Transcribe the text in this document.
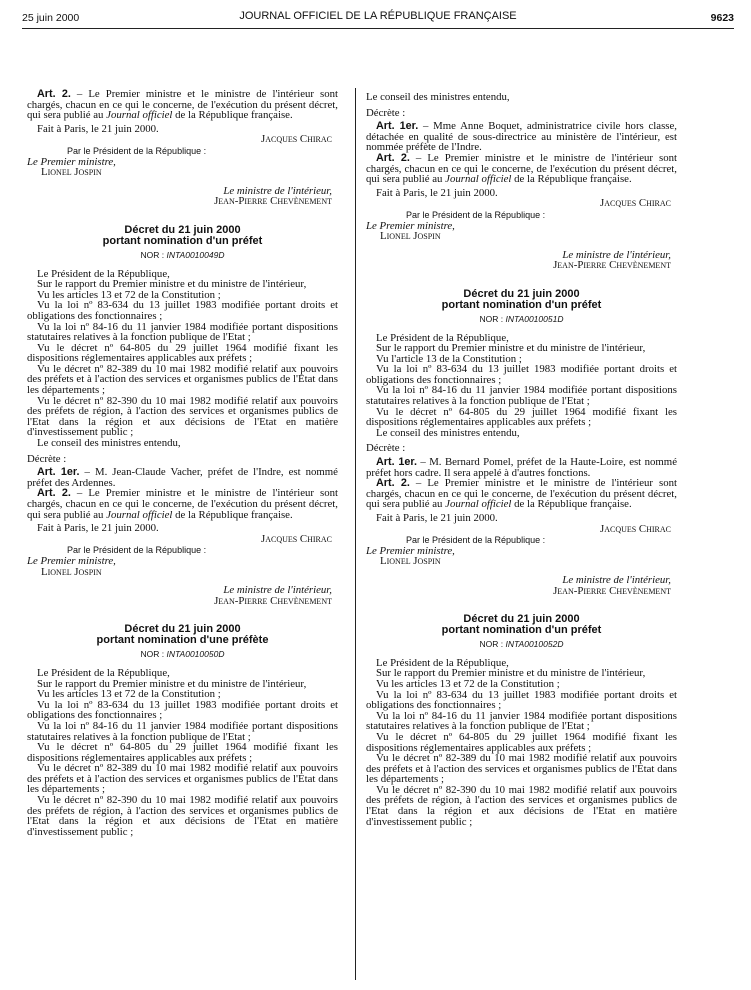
25 juin 2000	JOURNAL OFFICIEL DE LA RÉPUBLIQUE FRANÇAISE	9623

Art. 2. – Le Premier ministre et le ministre de l'intérieur sont chargés, chacun en ce qui le concerne, de l'exécution du présent décret, qui sera publié au Journal officiel de la République française.

Fait à Paris, le 21 juin 2000.

Jacques Chirac

Par le Président de la République :

Le Premier ministre,

Lionel Jospin

Le ministre de l'intérieur,

Jean-Pierre Chevènement

Décret du 21 juin 2000
portant nomination d'un préfet
NOR : INTA0010049D

Le Président de la République,

Sur le rapport du Premier ministre et du ministre de l'intérieur,

Vu les articles 13 et 72 de la Constitution ;

Vu la loi nº 83-634 du 13 juillet 1983 modifiée portant droits et obligations des fonctionnaires ;

Vu la loi nº 84-16 du 11 janvier 1984 modifiée portant dispositions statutaires relatives à la fonction publique de l'Etat ;

Vu le décret nº 64-805 du 29 juillet 1964 modifié fixant les dispositions réglementaires applicables aux préfets ;

Vu le décret nº 82-389 du 10 mai 1982 modifié relatif aux pouvoirs des préfets et à l'action des services et organismes publics de l'Etat dans les départements ;

Vu le décret nº 82-390 du 10 mai 1982 modifié relatif aux pouvoirs des préfets de région, à l'action des services et organismes publics de l'Etat dans la région et aux décisions de l'Etat en matière d'investissement public ;

Le conseil des ministres entendu,

Décrète :

Art. 1er. – M. Jean-Claude Vacher, préfet de l'Indre, est nommé préfet des Ardennes.

Art. 2. – Le Premier ministre et le ministre de l'intérieur sont chargés, chacun en ce qui le concerne, de l'exécution du présent décret, qui sera publié au Journal officiel de la République française.

Fait à Paris, le 21 juin 2000.

Jacques Chirac

Par le Président de la République :

Le Premier ministre,

Lionel Jospin

Le ministre de l'intérieur,

Jean-Pierre Chevènement

Décret du 21 juin 2000
portant nomination d'une préfète
NOR : INTA0010050D

Le Président de la République,

Sur le rapport du Premier ministre et du ministre de l'intérieur,

Vu les articles 13 et 72 de la Constitution ;

Vu la loi nº 83-634 du 13 juillet 1983 modifiée portant droits et obligations des fonctionnaires ;

Vu la loi nº 84-16 du 11 janvier 1984 modifiée portant dispositions statutaires relatives à la fonction publique de l'Etat ;

Vu le décret nº 64-805 du 29 juillet 1964 modifié fixant les dispositions réglementaires applicables aux préfets ;

Vu le décret nº 82-389 du 10 mai 1982 modifié relatif aux pouvoirs des préfets et à l'action des services et organismes publics de l'Etat dans les départements ;

Vu le décret nº 82-390 du 10 mai 1982 modifié relatif aux pouvoirs des préfets de région, à l'action des services et organismes publics de l'Etat dans la région et aux décisions de l'Etat en matière d'investissement public ;

Le conseil des ministres entendu,

Décrète :

Art. 1er. – Mme Anne Boquet, administratrice civile hors classe, détachée en qualité de sous-directrice au ministère de l'intérieur, est nommée préfète de l'Indre.

Art. 2. – Le Premier ministre et le ministre de l'intérieur sont chargés, chacun en ce qui le concerne, de l'exécution du présent décret, qui sera publié au Journal officiel de la République française.

Fait à Paris, le 21 juin 2000.

Jacques Chirac

Par le Président de la République :

Le Premier ministre,

Lionel Jospin

Le ministre de l'intérieur,

Jean-Pierre Chevènement

Décret du 21 juin 2000
portant nomination d'un préfet
NOR : INTA0010051D

Le Président de la République,

Sur le rapport du Premier ministre et du ministre de l'intérieur,

Vu l'article 13 de la Constitution ;

Vu la loi nº 83-634 du 13 juillet 1983 modifiée portant droits et obligations des fonctionnaires ;

Vu la loi nº 84-16 du 11 janvier 1984 modifiée portant dispositions statutaires relatives à la fonction publique de l'Etat ;

Vu le décret nº 64-805 du 29 juillet 1964 modifié fixant les dispositions réglementaires applicables aux préfets ;

Le conseil des ministres entendu,

Décrète :

Art. 1er. – M. Bernard Pomel, préfet de la Haute-Loire, est nommé préfet hors cadre. Il sera appelé à d'autres fonctions.

Art. 2. – Le Premier ministre et le ministre de l'intérieur sont chargés, chacun en ce qui le concerne, de l'exécution du présent décret, qui sera publié au Journal officiel de la République française.

Fait à Paris, le 21 juin 2000.

Jacques Chirac

Par le Président de la République :

Le Premier ministre,

Lionel Jospin

Le ministre de l'intérieur,

Jean-Pierre Chevènement

Décret du 21 juin 2000
portant nomination d'un préfet
NOR : INTA0010052D

Le Président de la République,

Sur le rapport du Premier ministre et du ministre de l'intérieur,

Vu les articles 13 et 72 de la Constitution ;

Vu la loi nº 83-634 du 13 juillet 1983 modifiée portant droits et obligations des fonctionnaires ;

Vu la loi nº 84-16 du 11 janvier 1984 modifiée portant dispositions statutaires relatives à la fonction publique de l'Etat ;

Vu le décret nº 64-805 du 29 juillet 1964 modifié fixant les dispositions réglementaires applicables aux préfets ;

Vu le décret nº 82-389 du 10 mai 1982 modifié relatif aux pouvoirs des préfets et à l'action des services et organismes publics de l'Etat dans les départements ;

Vu le décret nº 82-390 du 10 mai 1982 modifié relatif aux pouvoirs des préfets de région, à l'action des services et organismes publics de l'Etat dans la région et aux décisions de l'Etat en matière d'investissement public ;
